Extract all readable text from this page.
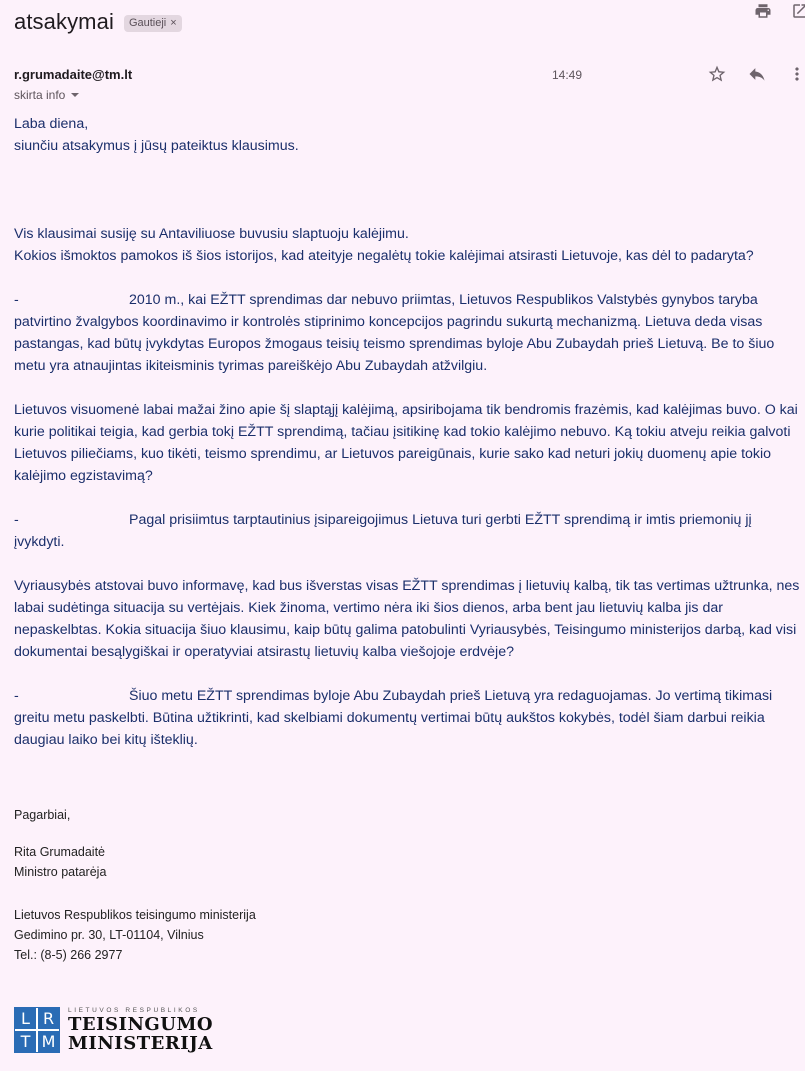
atsakymai Gautieji ×
r.grumadaite@tm.lt
skirta info
14:49

Laba diena,

siunčiu atsakymus į jūsų pateiktus klausimus.

Vis klausimai susiję su Antaviliuose buvusiu slaptuoju kalėjimu.

Kokios išmoktos pamokos iš šios istorijos, kad ateityje negalėtų tokie kalėjimai atsirasti Lietuvoje, kas dėl to padaryta?

-	2010 m., kai EŽTT sprendimas dar nebuvo priimtas, Lietuvos Respublikos Valstybės gynybos taryba patvirtino žvalgybos koordinavimo ir kontrolės stiprinimo koncepcijos pagrindu sukurtą mechanizmą. Lietuva deda visas pastangas, kad būtų įvykdytas Europos žmogaus teisių teismo sprendimas byloje Abu Zubaydah prieš Lietuvą. Be to šiuo metu yra atnaujintas ikiteisminis tyrimas pareiškėjo Abu Zubaydah atžvilgiu.

Lietuvos visuomenė labai mažai žino apie šį slaptąjį kalėjimą, apsiribojama tik bendromis frazėmis, kad kalėjimas buvo. O kai kurie politikai teigia, kad gerbia tokį EŽTT sprendimą, tačiau įsitikinę kad tokio kalėjimo nebuvo. Ką tokiu atveju reikia galvoti Lietuvos piliečiams, kuo tikėti, teismo sprendimu, ar Lietuvos pareigūnais, kurie sako kad neturi jokių duomenų apie tokio kalėjimo egzistavimą?

-	Pagal prisiimtus tarptautinius įsipareigojimus Lietuva turi gerbti EŽTT sprendimą ir imtis priemonių jį įvykdyti.

Vyriausybės atstovai buvo informavę, kad bus išverstas visas EŽTT sprendimas į lietuvių kalbą, tik tas vertimas užtrunka, nes labai sudėtinga situacija su vertėjais. Kiek žinoma, vertimo nėra iki šios dienos, arba bent jau lietuvių kalba jis dar nepaskelbtas. Kokia situacija šiuo klausimu, kaip būtų galima patobulinti Vyriausybės, Teisingumo ministerijos darbą, kad visi dokumentai besąlygiškai ir operatyviai atsirastų lietuvių kalba viešojoje erdvėje?

-	Šiuo metu EŽTT sprendimas byloje Abu Zubaydah prieš Lietuvą yra redaguojamas. Jo vertimą tikimasi greitu metu paskelbti. Būtina užtikrinti, kad skelbiami dokumentų vertimai būtų aukštos kokybės, todėl šiam darbui reikia daugiau laiko bei kitų išteklių.

Pagarbiai,
Rita Grumadaitė
Ministro patarėja
Lietuvos Respublikos teisingumo ministerija
Gedimino pr. 30, LT-01104, Vilnius
Tel.: (8-5) 266 2977
L R
T M
LIETUVOS RESPUBLIKOS
TEISINGUMO
MINISTERIJA
